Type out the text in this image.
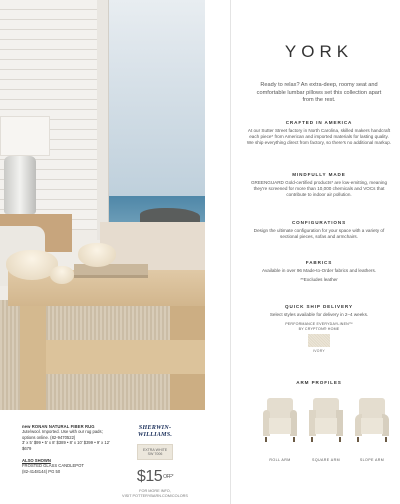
new RONAN NATURAL FIBER RUG
Jute/wool. Imported. Use with our rug pads; options online. (82-9470522)
3' x 5' $99 • 5' x 8' $389 • 8' x 10' $399 • 9' x 12' $679
ALSO SHOWN
FROSTED GLASS CANDLEPOT
(82-4148144) PG 50
SHERWIN-WILLIAMS.
EXTRA WHITE
SW 7006
$\$15^{OFF*}$
FOR MORE INFO,
VISIT POTTERYBARN.COM/COLORS
YORK
Ready to relax? An extra-deep, roomy seat and comfortable lumbar pillows set this collection apart from the rest.
CRAFTED IN AMERICA
At our Sutter Street factory in North Carolina, skilled makers handcraft each piece* from American and imported materials for lasting quality. We ship everything direct from factory, so there's no additional markup.
MINDFULLY MADE
GREENGUARD Gold-certified products* are low-emitting, meaning they're screened for more than 10,000 chemicals and VOCs that contribute to indoor air pollution.
CONFIGURATIONS
Design the ultimate configuration for your space with a variety of sectional pieces, sofas and armchairs.
FABRICS
Available in over 96 Made-to-Order fabrics and leathers.
**Excludes leather
QUICK SHIP DELIVERY
Select styles available for delivery in 2–4 weeks.
PERFORMANCE EVERYDAYLINEN™
BY CRYPTON® HOME
IVORY
ARM PROFILES
ROLL ARM	SQUARE ARM	SLOPE ARM
